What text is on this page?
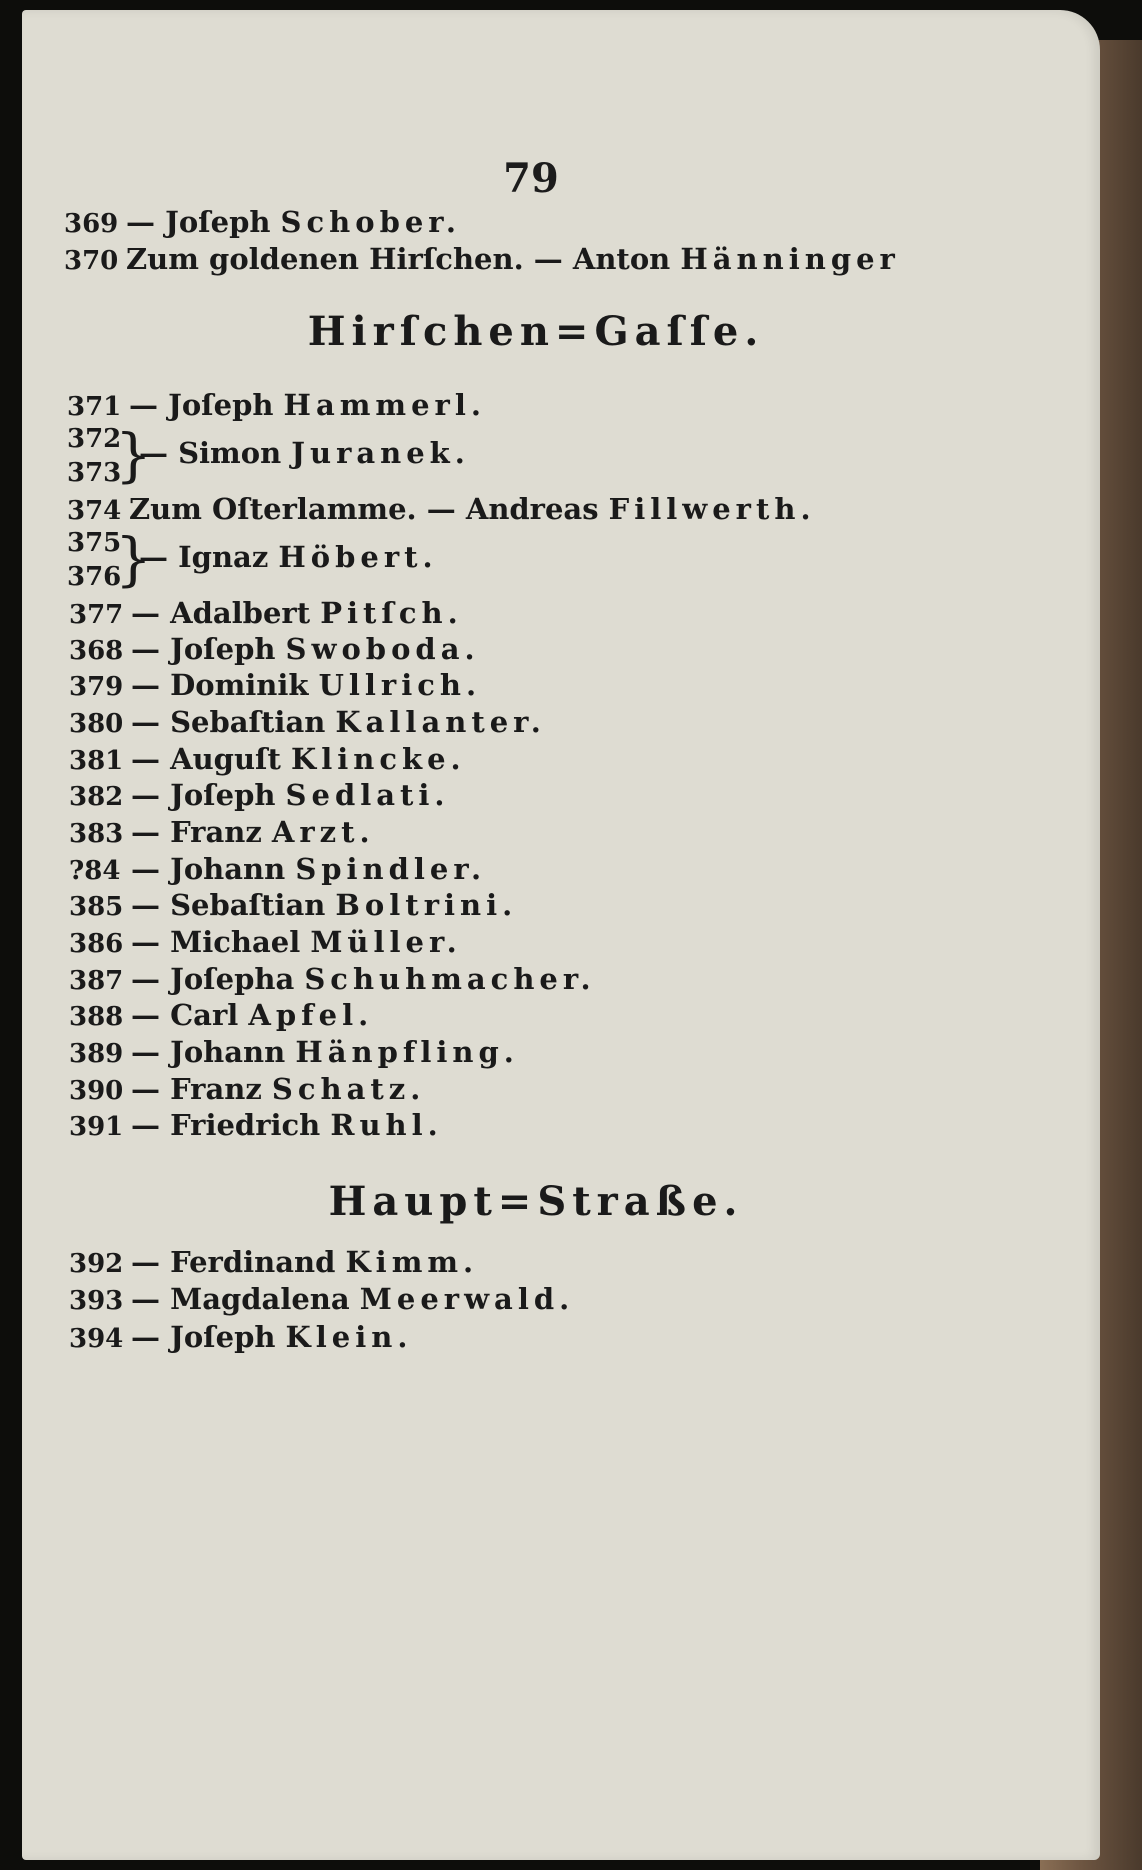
79
369 — Joſeph Schober.
370 Zum goldenen Hirſchen. — Anton Hänninger
Hirſchen=Gaſſe.
371 — Joſeph Hammerl.
372
373
}
— Simon Juranek.
374 Zum Oſterlamme. — Andreas Fillwerth.
375
376
}
— Ignaz Höbert.
377 — Adalbert Pitſch.
368 — Joſeph Swoboda.
379 — Dominik Ullrich.
380 — Sebaſtian Kallanter.
381 — Auguſt Klincke.
382 — Joſeph Sedlati.
383 — Franz Arzt.
?84 — Johann Spindler.
385 — Sebaſtian Boltrini.
386 — Michael Müller.
387 — Joſepha Schuhmacher.
388 — Carl Apfel.
389 — Johann Hänpfling.
390 — Franz Schatz.
391 — Friedrich Ruhl.
Haupt=Straße.
392 — Ferdinand Kimm.
393 — Magdalena Meerwald.
394 — Joſeph Klein.
